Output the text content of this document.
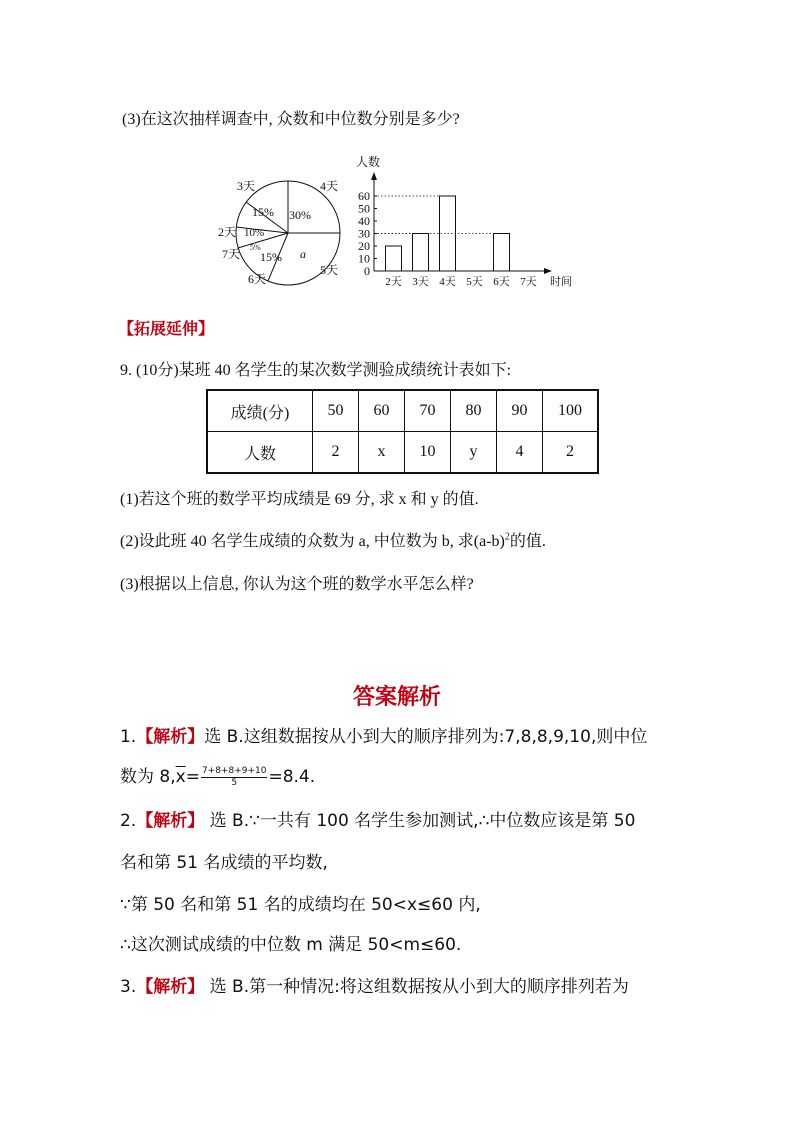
(3)在这次抽样调查中, 众数和中位数分别是多少?
15% 30%
10%
5%
15% a
3天	4天
2天
7天
6天
5天
人数
时间
0
10
20
30
40
50
60
2天 3天 4天 5天 6天 7天
【拓展延伸】
9. (10分)某班 40 名学生的某次数学测验成绩统计表如下:
成绩(分)	50	60	70	80	90	100
人数	2	x	10	y	4	2
(1)若这个班的数学平均成绩是 69 分, 求 x 和 y 的值.
(2)设此班 40 名学生成绩的众数为 a, 中位数为 b, 求$(a-b)^2$的值.
(3)根据以上信息, 你认为这个班的数学水平怎么样?
答案解析
1.【解析】选 B.这组数据按从小到大的顺序排列为:7,8,8,9,10,则中位
数为 $8,\overline{x}= \frac{7+8+8+9+10}{5} =8.4$.
2.【解析】 选 B.∵一共有 100 名学生参加测试,∴中位数应该是第 50
名和第 51 名成绩的平均数,
∵第 50 名和第 51 名的成绩均在 50<x≤60 内,
∴这次测试成绩的中位数 m 满足 50<m≤60.
3.【解析】 选 B.第一种情况:将这组数据按从小到大的顺序排列若为
